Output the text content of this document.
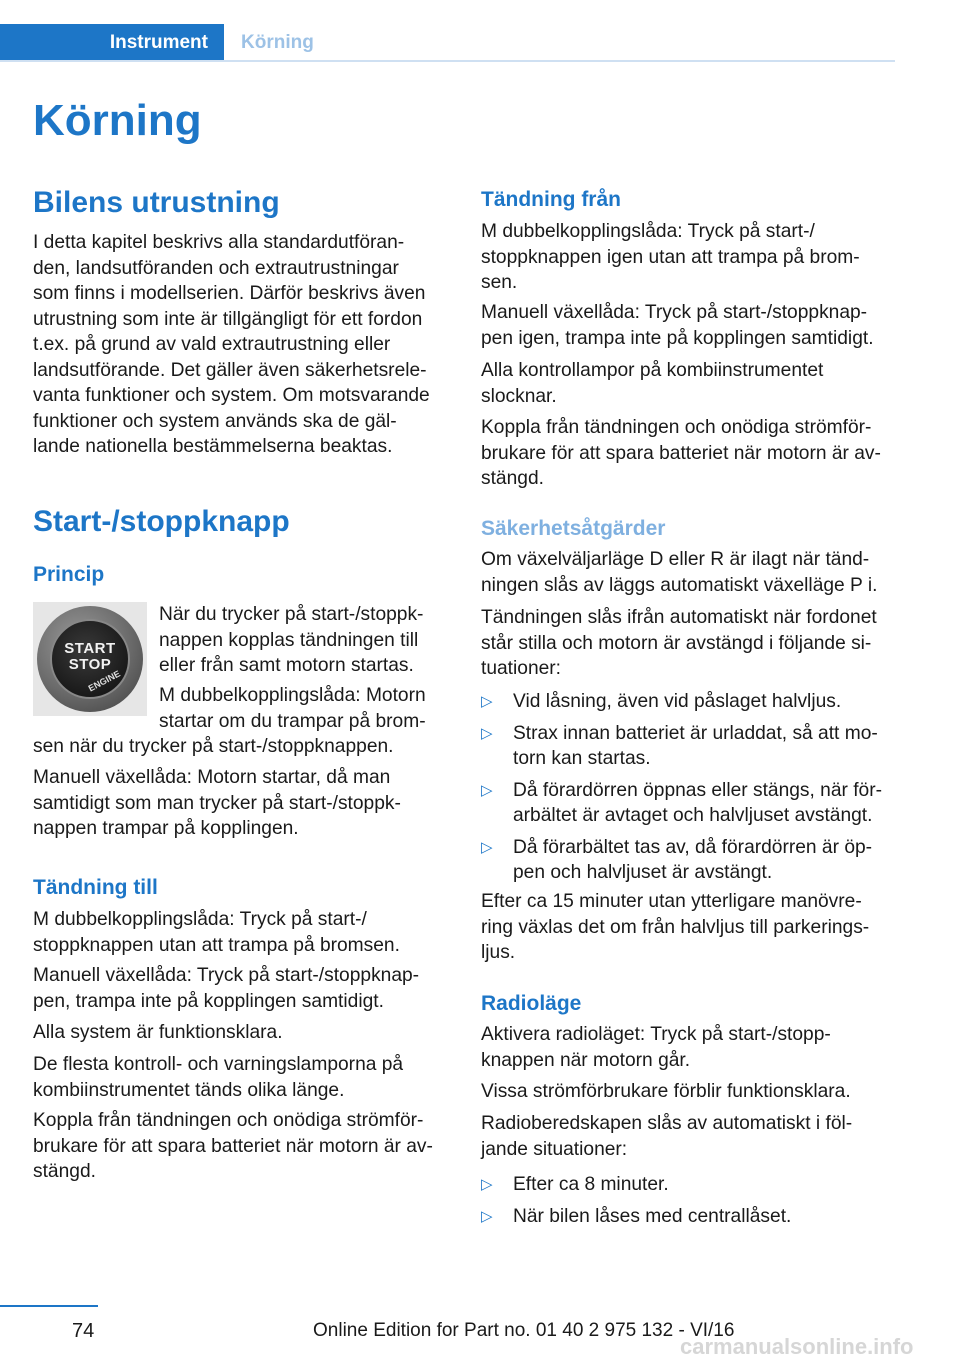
Instrument Körning
Körning
Bilens utrustning
I detta kapitel beskrivs alla standardutföran‐
den, landsutföranden och extrautrustningar
som finns i modellserien. Därför beskrivs även
utrustning som inte är tillgängligt för ett fordon
t.ex. på grund av vald extrautrustning eller
landsutförande. Det gäller även säkerhetsrele‐
vanta funktioner och system. Om motsvarande
funktioner och system används ska de gäl‐
lande nationella bestämmelserna beaktas.
Start-/stoppknapp
Princip
START
STOP
ENGINE
När du trycker på start-/stoppk‐
nappen kopplas tändningen till
eller från samt motorn startas.
M dubbelkopplingslåda: Motorn
startar om du trampar på brom‐
sen när du trycker på start-/stoppknappen.
Manuell växellåda: Motorn startar, då man
samtidigt som man trycker på start-/stoppk‐
nappen trampar på kopplingen.
Tändning till
M dubbelkopplingslåda: Tryck på start-/
stoppknappen utan att trampa på bromsen.
Manuell växellåda: Tryck på start-/stoppknap‐
pen, trampa inte på kopplingen samtidigt.
Alla system är funktionsklara.
De flesta kontroll- och varningslamporna på
kombiinstrumentet tänds olika länge.
Koppla från tändningen och onödiga strömför‐
brukare för att spara batteriet när motorn är av‐
stängd.
Tändning från
M dubbelkopplingslåda: Tryck på start-/
stoppknappen igen utan att trampa på brom‐
sen.
Manuell växellåda: Tryck på start-/stoppknap‐
pen igen, trampa inte på kopplingen samtidigt.
Alla kontrollampor på kombiinstrumentet
slocknar.
Koppla från tändningen och onödiga strömför‐
brukare för att spara batteriet när motorn är av‐
stängd.
Säkerhetsåtgärder
Om växelväljarläge D eller R är ilagt när tänd‐
ningen slås av läggs automatiskt växelläge P i.
Tändningen slås ifrån automatiskt när fordonet
står stilla och motorn är avstängd i följande si‐
tuationer:
▷ Vid låsning, även vid påslaget halvljus.
▷ Strax innan batteriet är urladdat, så att mo‐
torn kan startas.
▷ Då förardörren öppnas eller stängs, när för‐
arbältet är avtaget och halvljuset avstängt.
▷ Då förarbältet tas av, då förardörren är öp‐
pen och halvljuset är avstängt.
Efter ca 15 minuter utan ytterligare manövre‐
ring växlas det om från halvljus till parkerings‐
ljus.
Radioläge
Aktivera radioläget: Tryck på start-/stopp‐
knappen när motorn går.
Vissa strömförbrukare förblir funktionsklara.
Radioberedskapen slås av automatiskt i föl‐
jande situationer:
▷ Efter ca 8 minuter.
▷ När bilen låses med centrallåset.
74	Online Edition for Part no. 01 40 2 975 132 - VI/16
carmanualsonline.info
